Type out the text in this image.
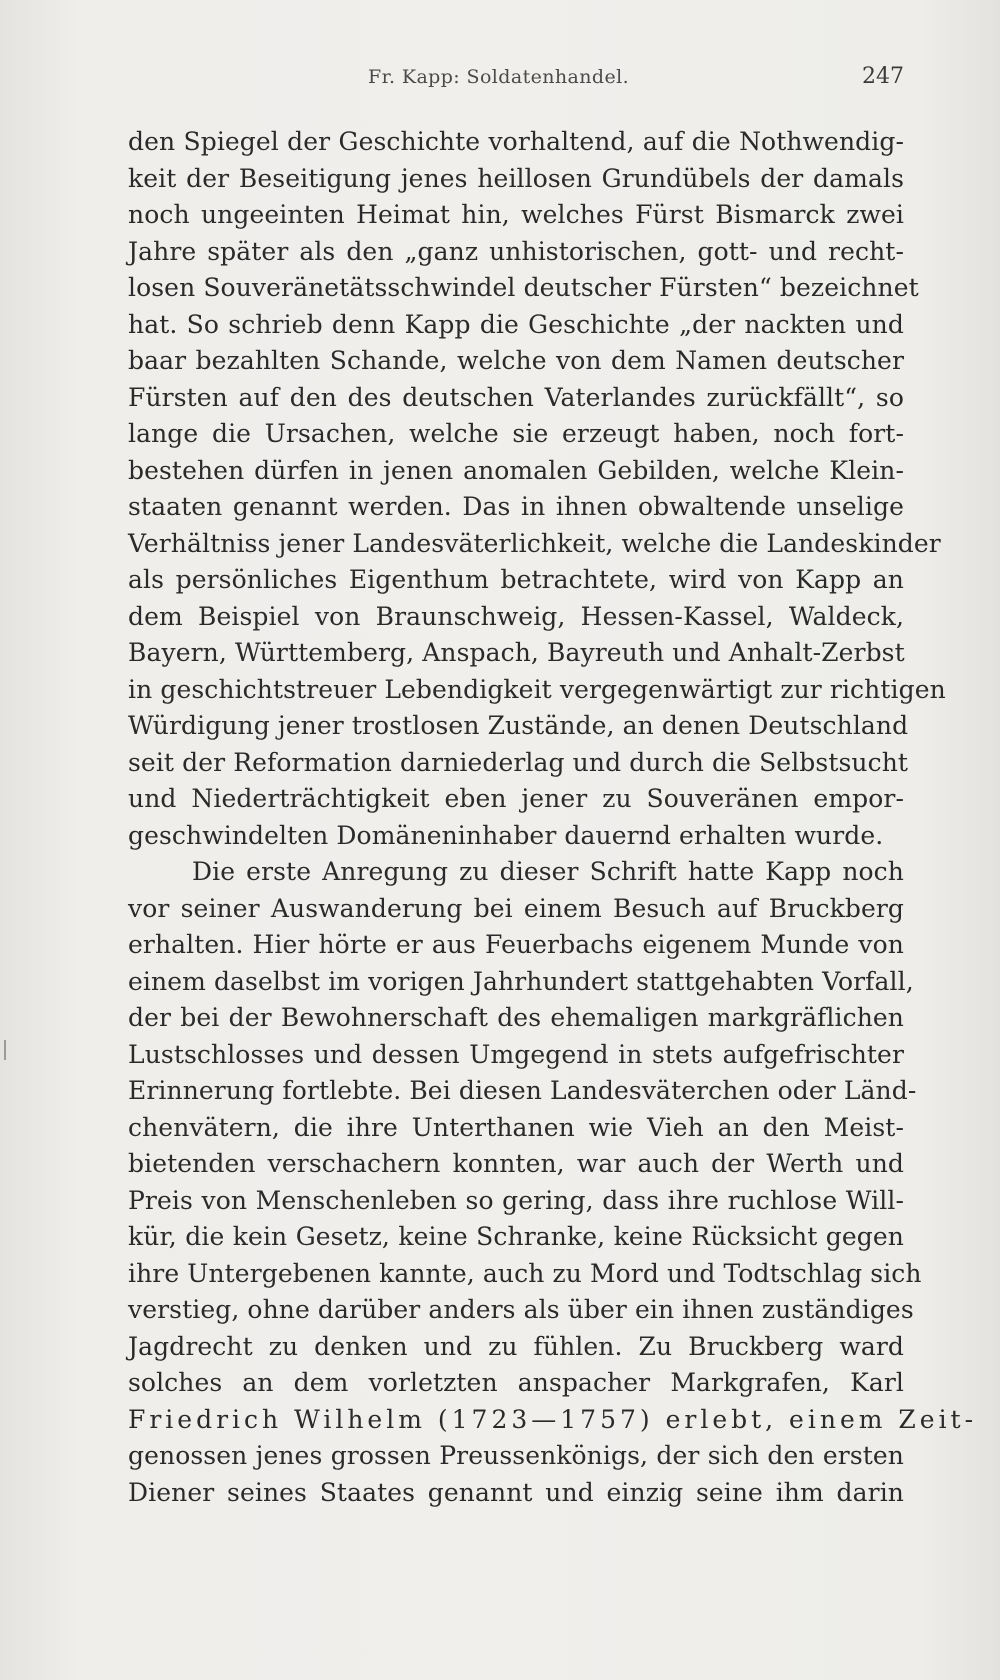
Fr. Kapp: Soldatenhandel.	247
den Spiegel der Geschichte vorhaltend, auf die Nothwendig-
keit der Beseitigung jenes heillosen Grundübels der damals
noch ungeeinten Heimat hin, welches Fürst Bismarck zwei
Jahre später als den „ganz unhistorischen, gott- und recht-
losen Souveränetätsschwindel deutscher Fürsten“ bezeichnet
hat. So schrieb denn Kapp die Geschichte „der nackten und
baar bezahlten Schande, welche von dem Namen deutscher
Fürsten auf den des deutschen Vaterlandes zurückfällt“, so
lange die Ursachen, welche sie erzeugt haben, noch fort-
bestehen dürfen in jenen anomalen Gebilden, welche Klein-
staaten genannt werden. Das in ihnen obwaltende unselige
Verhältniss jener Landesväterlichkeit, welche die Landeskinder
als persönliches Eigenthum betrachtete, wird von Kapp an
dem Beispiel von Braunschweig, Hessen-Kassel, Waldeck,
Bayern, Württemberg, Anspach, Bayreuth und Anhalt-Zerbst
in geschichtstreuer Lebendigkeit vergegenwärtigt zur richtigen
Würdigung jener trostlosen Zustände, an denen Deutschland
seit der Reformation darniederlag und durch die Selbstsucht
und Niederträchtigkeit eben jener zu Souveränen empor-
geschwindelten Domäneninhaber dauernd erhalten wurde.
Die erste Anregung zu dieser Schrift hatte Kapp noch
vor seiner Auswanderung bei einem Besuch auf Bruckberg
erhalten. Hier hörte er aus Feuerbachs eigenem Munde von
einem daselbst im vorigen Jahrhundert stattgehabten Vorfall,
der bei der Bewohnerschaft des ehemaligen markgräflichen
Lustschlosses und dessen Umgegend in stets aufgefrischter
Erinnerung fortlebte. Bei diesen Landesväterchen oder Länd-
chenvätern, die ihre Unterthanen wie Vieh an den Meist-
bietenden verschachern konnten, war auch der Werth und
Preis von Menschenleben so gering, dass ihre ruchlose Will-
kür, die kein Gesetz, keine Schranke, keine Rücksicht gegen
ihre Untergebenen kannte, auch zu Mord und Todtschlag sich
verstieg, ohne darüber anders als über ein ihnen zuständiges
Jagdrecht zu denken und zu fühlen. Zu Bruckberg ward
solches an dem vorletzten anspacher Markgrafen, Karl
Friedrich Wilhelm (1723—1757) erlebt, einem Zeit-
genossen jenes grossen Preussenkönigs, der sich den ersten
Diener seines Staates genannt und einzig seine ihm darin
